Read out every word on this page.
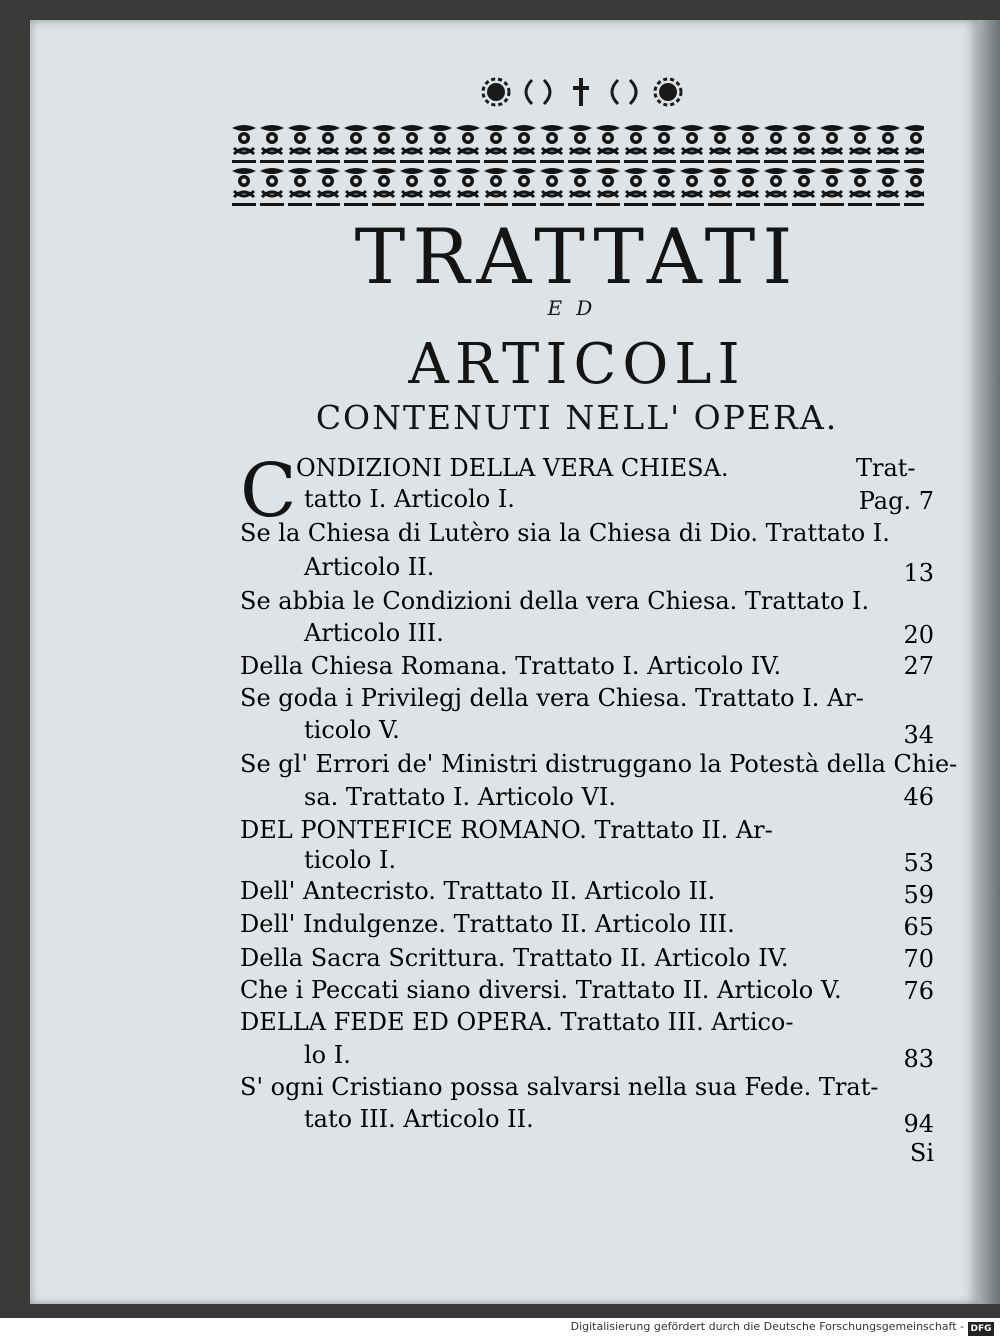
TRATTATI
ED
ARTICOLI
CONTENUTI NELL' OPERA.
C ONDIZIONI DELLA VERA CHIESA.	Trat-
tatto I. Articolo I.	Pag. 7
Se la Chiesa di Lutèro sia la Chiesa di Dio. Trattato I.
Articolo II.	13
Se abbia le Condizioni della vera Chiesa. Trattato I.
Articolo III.	20
Della Chiesa Romana. Trattato I. Articolo IV.	27
Se goda i Privilegj della vera Chiesa. Trattato I. Ar-
ticolo V.	34
Se gl' Errori de' Ministri distruggano la Potestà della Chie-
sa. Trattato I. Articolo VI.	46
DEL PONTEFICE ROMANO. Trattato II. Ar-
ticolo I.	53
Dell' Antecristo. Trattato II. Articolo II.	59
Dell' Indulgenze. Trattato II. Articolo III.	65
Della Sacra Scrittura. Trattato II. Articolo IV.	70
Che i Peccati siano diversi. Trattato II. Articolo V.	76
DELLA FEDE ED OPERA. Trattato III. Artico-
lo I.	83
S' ogni Cristiano possa salvarsi nella sua Fede. Trat-
tato III. Articolo II.	94
Si
Digitalisierung gefördert durch die Deutsche Forschungsgemeinschaft - DFG
